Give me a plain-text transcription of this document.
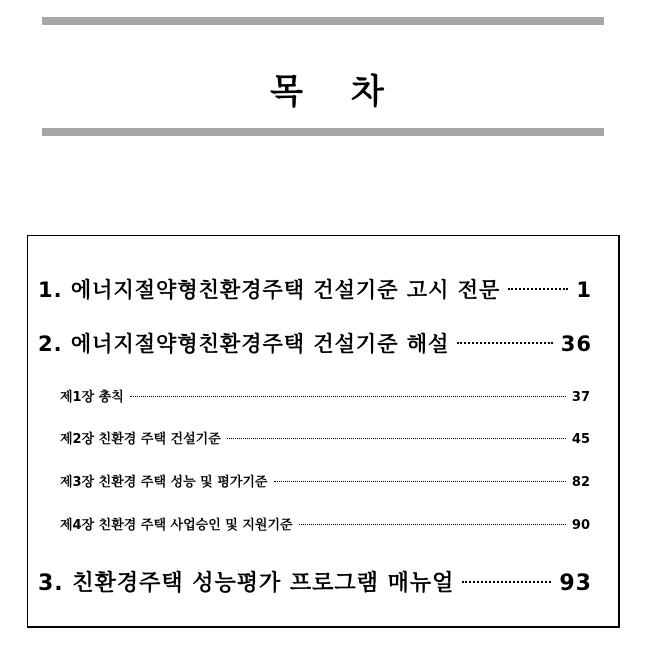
목 차
1. 에너지절약형친환경주택 건설기준 고시 전문	1
2. 에너지절약형친환경주택 건설기준 해설	36
제1장 총칙	37
제2장 친환경 주택 건설기준	45
제3장 친환경 주택 성능 및 평가기준	82
제4장 친환경 주택 사업승인 및 지원기준	90
3. 친환경주택 성능평가 프로그램 매뉴얼	93
